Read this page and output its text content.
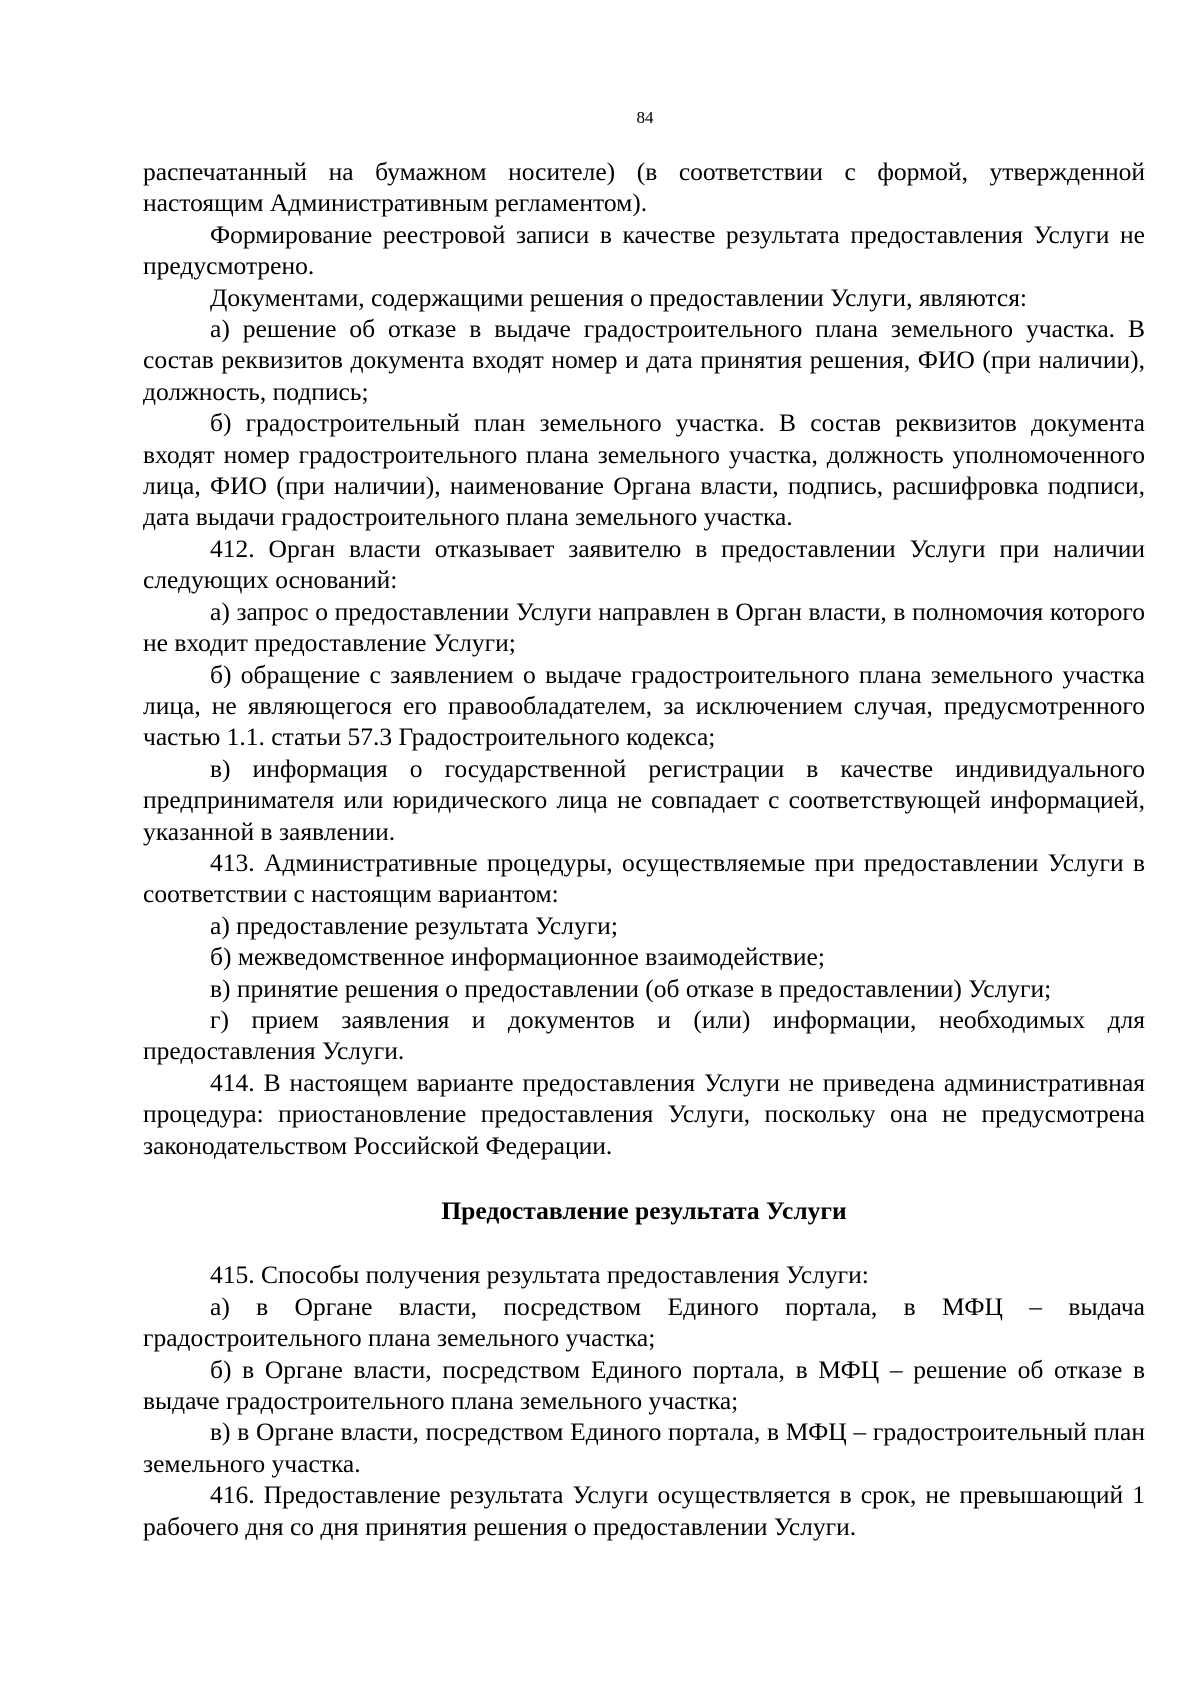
84

распечатанный на бумажном носителе) (в соответствии с формой, утвержденной настоящим Административным регламентом).

Формирование реестровой записи в качестве результата предоставления Услуги не предусмотрено.

Документами, содержащими решения о предоставлении Услуги, являются:

а) решение об отказе в выдаче градостроительного плана земельного участка. В состав реквизитов документа входят номер и дата принятия решения, ФИО (при наличии), должность, подпись;

б) градостроительный план земельного участка. В состав реквизитов документа входят номер градостроительного плана земельного участка, должность уполномоченного лица, ФИО (при наличии), наименование Органа власти, подпись, расшифровка подписи, дата выдачи градостроительного плана земельного участка.

412. Орган власти отказывает заявителю в предоставлении Услуги при наличии следующих оснований:

а) запрос о предоставлении Услуги направлен в Орган власти, в полномочия которого не входит предоставление Услуги;

б) обращение с заявлением о выдаче градостроительного плана земельного участка лица, не являющегося его правообладателем, за исключением случая, предусмотренного частью 1.1. статьи 57.3 Градостроительного кодекса;

в) информация о государственной регистрации в качестве индивидуального предпринимателя или юридического лица не совпадает с соответствующей информацией, указанной в заявлении.

413. Административные процедуры, осуществляемые при предоставлении Услуги в соответствии с настоящим вариантом:

а) предоставление результата Услуги;

б) межведомственное информационное взаимодействие;

в) принятие решения о предоставлении (об отказе в предоставлении) Услуги;

г) прием заявления и документов и (или) информации, необходимых для предоставления Услуги.

414. В настоящем варианте предоставления Услуги не приведена административная процедура: приостановление предоставления Услуги, поскольку она не предусмотрена законодательством Российской Федерации.

Предоставление результата Услуги

415. Способы получения результата предоставления Услуги:

а) в Органе власти, посредством Единого портала, в МФЦ – выдача градостроительного плана земельного участка;

б) в Органе власти, посредством Единого портала, в МФЦ – решение об отказе в выдаче градостроительного плана земельного участка;

в) в Органе власти, посредством Единого портала, в МФЦ – градостроительный план земельного участка.

416. Предоставление результата Услуги осуществляется в срок, не превышающий 1 рабочего дня со дня принятия решения о предоставлении Услуги.
